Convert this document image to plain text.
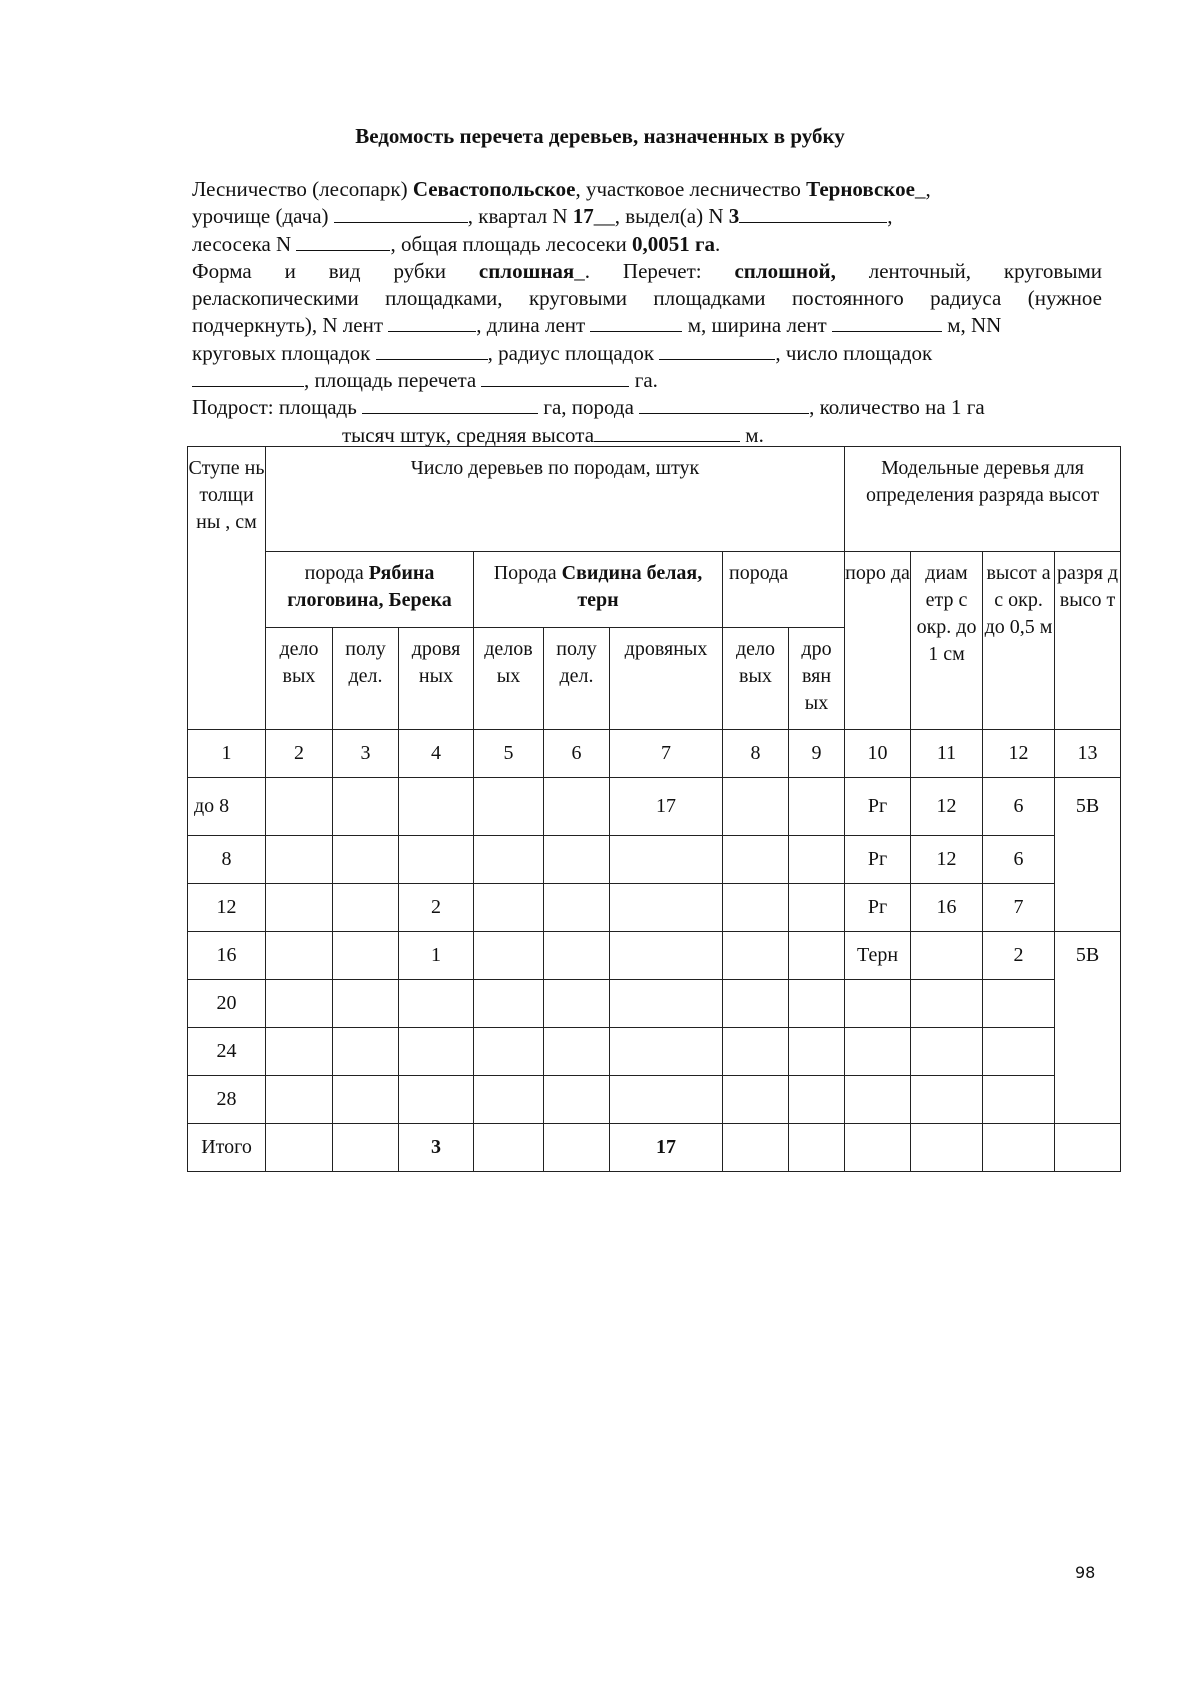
Ведомость перечета деревьев, назначенных в рубку
Лесничество (лесопарк) Севастопольское, участковое лесничество Терновское_,
урочище (дача)	, квартал N 17__, выдел(а) N 3	,
лесосека N	, общая площадь лесосеки 0,0051 га.
Форма и вид рубки сплошная_. Перечет: сплошной, ленточный, круговыми
реласкопическими площадками, круговыми площадками постоянного радиуса (нужное
подчеркнуть), N лент	, длина лент	м, ширина лент	м, NN
круговых площадок	, радиус площадок	, число площадок
, площадь перечета	га.
Подрост: площадь	га, порода	, количество на 1 га
тысяч штук, средняя высота	м.
Ступе нь толщи ны , см	Число деревьев по породам, штук								Модельные деревья для определения разряда высот			
	порода Рябина глоговина, Берека			Порода Свидина белая, терн			порода		поро да	диам етр с окр. до 1 см	высот а с окр. до 0,5 м	разря д высо т
	дело вых	полу дел.	дровя ных	делов ых	полу дел.	дровяных	дело вых	дро вян ых				
1	2	3	4	5	6	7	8	9	10	11	12	13
до 8						17			Рг	12	6	5В
8									Рг	12	6	
12			2						Рг	16	7	
16			1						Терн		2	5В
20												
24												
28												
Итого			3			17						
98
